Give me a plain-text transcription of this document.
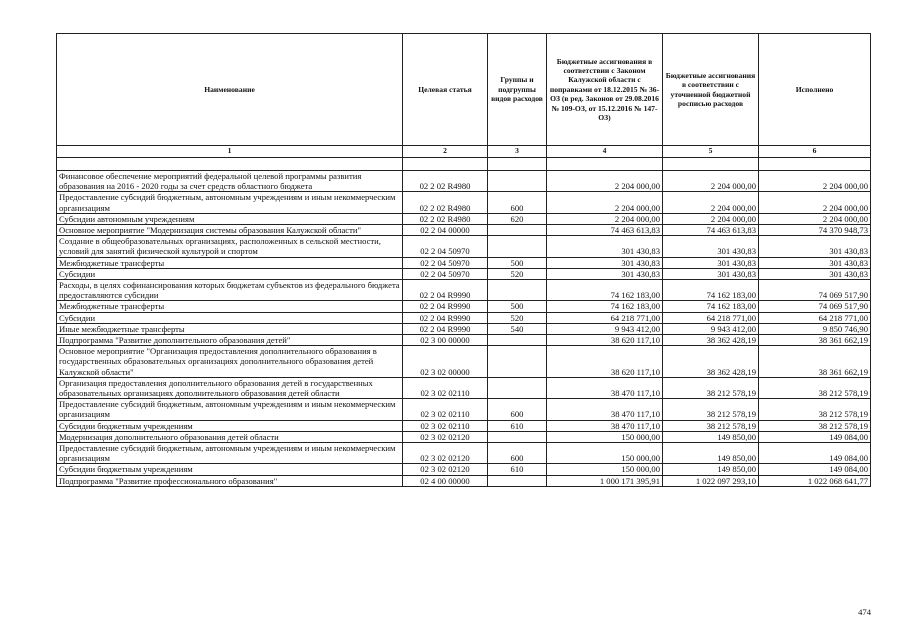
Наименование	Целевая статья	Группы и подгруппы видов расходов	Бюджетные ассигнования в соответствии с Законом Калужской области с поправками от 18.12.2015 № 36-ОЗ (в ред. Законов от 29.08.2016 № 109-ОЗ, от 15.12.2016 № 147-ОЗ)	Бюджетные ассигнования в соответствии с уточненной бюджетной росписью расходов	Исполнено
1	2	3	4	5	6

Финансовое обеспечение мероприятий федеральной целевой программы развития образования на 2016 - 2020 годы за счет средств областного бюджета	02 2 02 R4980		2 204 000,00	2 204 000,00	2 204 000,00
Предоставление субсидий бюджетным, автономным учреждениям и иным некоммерческим организациям	02 2 02 R4980	600	2 204 000,00	2 204 000,00	2 204 000,00
Субсидии автономным учреждениям	02 2 02 R4980	620	2 204 000,00	2 204 000,00	2 204 000,00
Основное мероприятие "Модернизация системы образования Калужской области"	02 2 04 00000		74 463 613,83	74 463 613,83	74 370 948,73
Создание в общеобразовательных организациях, расположенных в сельской местности, условий для занятий физической культурой и спортом	02 2 04 50970		301 430,83	301 430,83	301 430,83
Межбюджетные трансферты	02 2 04 50970	500	301 430,83	301 430,83	301 430,83
Субсидии	02 2 04 50970	520	301 430,83	301 430,83	301 430,83
Расходы, в целях софинансирования которых бюджетам субъектов из федерального бюджета предоставляются субсидии	02 2 04 R9990		74 162 183,00	74 162 183,00	74 069 517,90
Межбюджетные трансферты	02 2 04 R9990	500	74 162 183,00	74 162 183,00	74 069 517,90
Субсидии	02 2 04 R9990	520	64 218 771,00	64 218 771,00	64 218 771,00
Иные межбюджетные трансферты	02 2 04 R9990	540	9 943 412,00	9 943 412,00	9 850 746,90
Подпрограмма "Развитие дополнительного образования детей"	02 3 00 00000		38 620 117,10	38 362 428,19	38 361 662,19
Основное мероприятие "Организация предоставления дополнительного образования в государственных образовательных организациях дополнительного образования детей Калужской области"	02 3 02 00000		38 620 117,10	38 362 428,19	38 361 662,19
Организация предоставления дополнительного образования детей в государственных образовательных организациях дополнительного образования детей области	02 3 02 02110		38 470 117,10	38 212 578,19	38 212 578,19
Предоставление субсидий бюджетным, автономным учреждениям и иным некоммерческим организациям	02 3 02 02110	600	38 470 117,10	38 212 578,19	38 212 578,19
Субсидии бюджетным учреждениям	02 3 02 02110	610	38 470 117,10	38 212 578,19	38 212 578,19
Модернизация дополнительного образования детей области	02 3 02 02120		150 000,00	149 850,00	149 084,00
Предоставление субсидий бюджетным, автономным учреждениям и иным некоммерческим организациям	02 3 02 02120	600	150 000,00	149 850,00	149 084,00
Субсидии бюджетным учреждениям	02 3 02 02120	610	150 000,00	149 850,00	149 084,00
Подпрограмма "Развитие профессионального образования"	02 4 00 00000		1 000 171 395,91	1 022 097 293,10	1 022 068 641,77
474
